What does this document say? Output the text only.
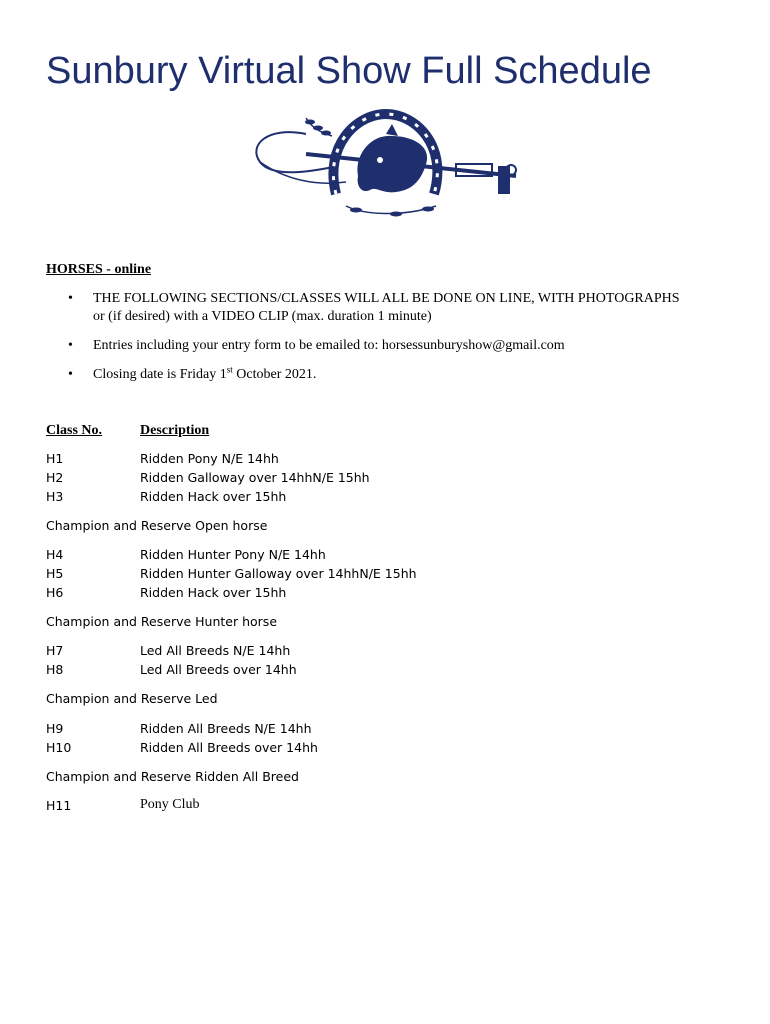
Sunbury Virtual Show Full Schedule
HORSES - online
• THE FOLLOWING SECTIONS/CLASSES WILL ALL BE DONE ON LINE, WITH PHOTOGRAPHS or (if desired) with a VIDEO CLIP (max. duration 1 minute)
• Entries including your entry form to be emailed to: horsessunburyshow@gmail.com
• Closing date is Friday 1st October 2021.
Class No.	Description
H1	Ridden Pony N/E 14hh
H2	Ridden Galloway over 14hhN/E 15hh
H3	Ridden Hack over 15hh
Champion and Reserve Open horse
H4	Ridden Hunter Pony N/E 14hh
H5	Ridden Hunter Galloway over 14hhN/E 15hh
H6	Ridden Hack over 15hh
Champion and Reserve Hunter horse
H7	Led All Breeds N/E 14hh
H8	Led All Breeds over 14hh
Champion and Reserve Led
H9	Ridden All Breeds N/E 14hh
H10	Ridden All Breeds over 14hh
Champion and Reserve Ridden All Breed
H11	Pony Club
